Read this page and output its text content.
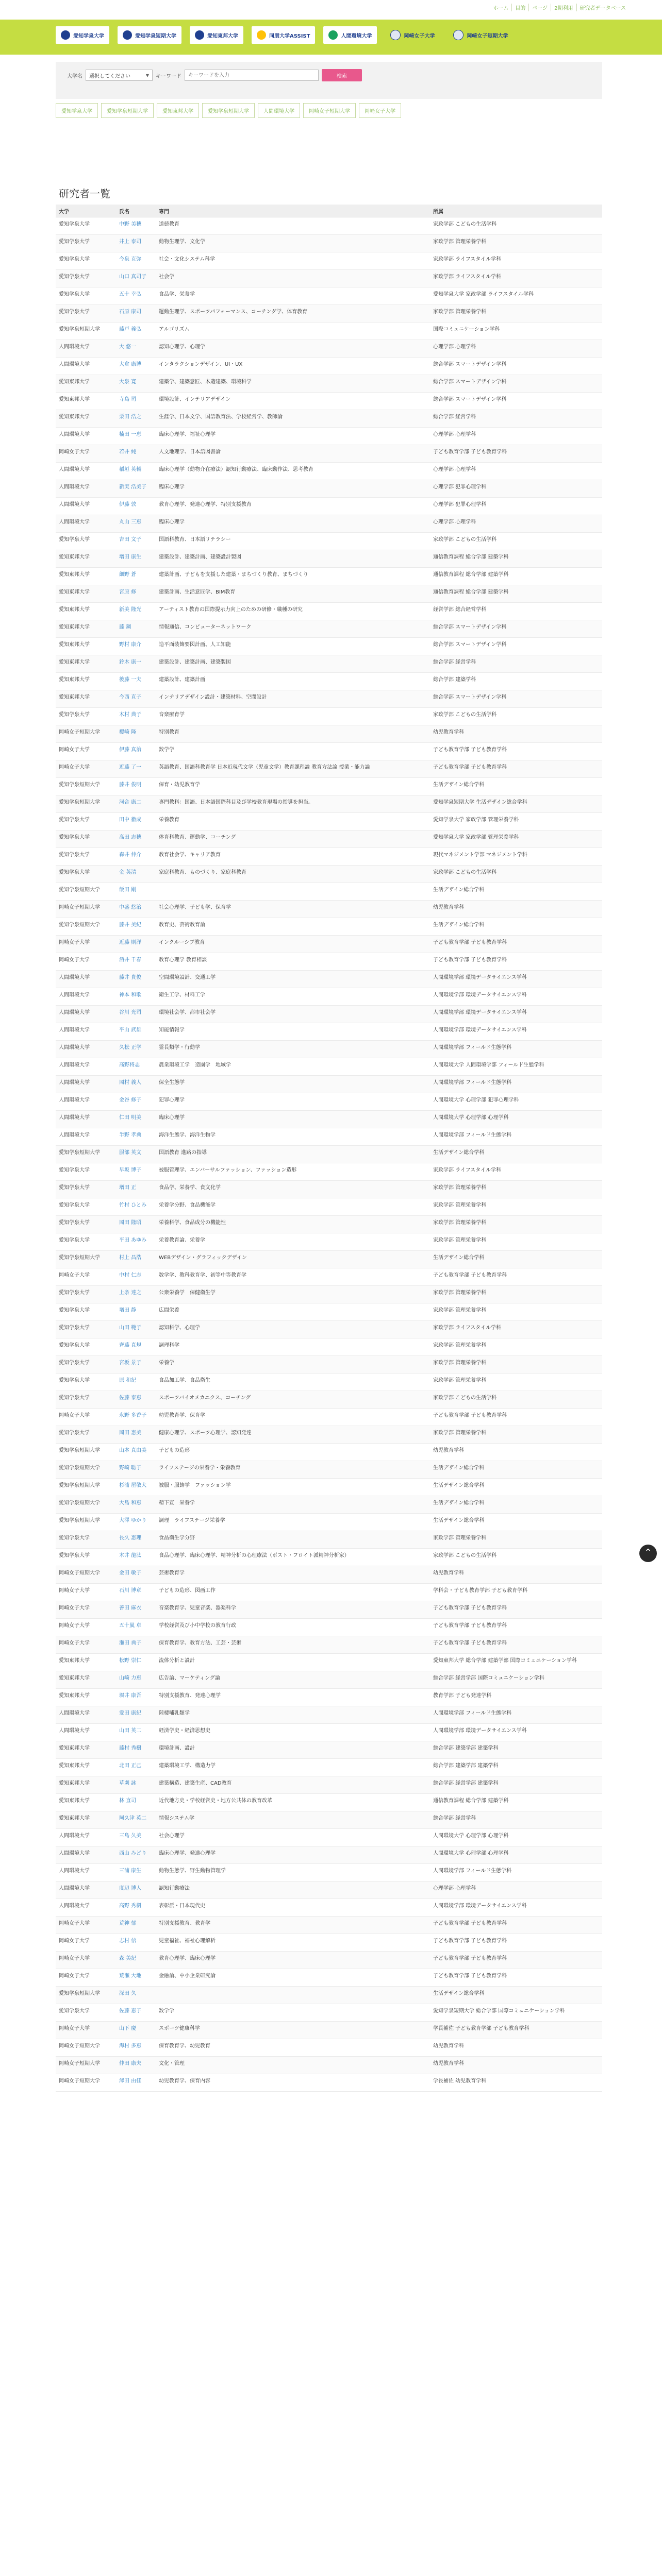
ホーム	目的	ページ	2期利用	研究者データベース
愛知学泉大学	愛知学泉短期大学	愛知東邦大学	同朋大学ASSIST	人間環境大学	岡崎女子大学	岡崎女子短期大学
大学名 選択してください	▼ キーワード
キーワードを入力	検索
愛知学泉大学	愛知学泉短期大学	愛知東邦大学	愛知学泉短期大学	人間環境大学	岡崎女子短期大学	岡崎女子大学
研究者一覧
大学	氏名	専門	所属
愛知学泉大学	中野 美穂	道徳教育	家政学部 こどもの生活学科
愛知学泉大学	井上 泰司	動物生理学、文化学	家政学部 管理栄養学科
愛知学泉大学	今泉 克弥	社会・文化システム科学	家政学部 ライフスタイル学科
愛知学泉大学	山口 真司子	社会学	家政学部 ライフスタイル学科
愛知学泉大学	五十 幸弘	食品学、栄養学	愛知学泉大学 家政学部 ライフスタイル学科
愛知学泉大学	石原 康司	運動生理学、スポーツパフォーマンス、コーチング学、体育教育	家政学部 管理栄養学科
愛知学泉短期大学	藤戸 義弘	アルゴリズム	国際コミュニケーション学科
人間環境大学	大 悠一	認知心理学、心理学	心理学部 心理学科
人間環境大学	大倉 康博	インタラクションデザイン、UI・UX	総合学部 スマートデザイン学科
愛知東邦大学	大泉 寛	建築学、建築意匠、木造建築、環境科学	総合学部 スマートデザイン学科
愛知東邦大学	寺島 司	環境設計、インテリアデザイン	総合学部 スマートデザイン学科
愛知東邦大学	栗田 浩之	生涯学、日本文学、国語教育法、学校経営学、教師論	総合学部 経営学科
人間環境大学	楠田 一恵	臨床心理学、福祉心理学	心理学部 心理学科
岡崎女子大学	若井 純	人文地理学、日本語図書論	子ども教育学部 子ども教育学科
人間環境大学	稲垣 英輔	臨床心理学（動物介在療法）認知行動療法、臨床動作法、思考教育	心理学部 心理学科
人間環境大学	新実 浩美子	臨床心理学	心理学部 犯罪心理学科
人間環境大学	伊藤 敦	教育心理学、発達心理学、特別支援教育	心理学部 犯罪心理学科
人間環境大学	丸山 三恵	臨床心理学	心理学部 心理学科
愛知学泉大学	吉田 文子	国語科教育、日本語リテラシー	家政学部 こどもの生活学科
愛知東邦大学	増田 康生	建築設計、建築計画、建築設計製図	通信教育課程 総合学部 建築学科
愛知東邦大学	細野 蒼	建築計画、子どもを支援した建築・まちづくり教育、まちづくり	通信教育課程 総合学部 建築学科
愛知東邦大学	宮原 修	建築計画、生活意匠学、BIM教育	通信教育課程 総合学部 建築学科
愛知東邦大学	新美 隆光	アーティスト教育の国際提示力向上のための研修・職種の研究	経営学部 総合経営学科
愛知東邦大学	藤 鋼	情報通信、コンピューターネットワーク	総合学部 スマートデザイン学科
愛知東邦大学	野村 康介	造平面装飾要図計画、人工知能	総合学部 スマートデザイン学科
愛知東邦大学	鈴木 康一	建築設計、建築計画、建築製図	総合学部 経営学科
愛知東邦大学	後藤 一夫	建築設計、建築計画	総合学部 建築学科
愛知東邦大学	今西 直子	インテリアデザイン設計・建築材料、空間設計	総合学部 スマートデザイン学科
愛知学泉大学	木村 典子	音楽療育学	家政学部 こどもの生活学科
岡崎女子短期大学	櫻崎 隆	特別教育	幼児教育学科
岡崎女子大学	伊藤 真治	数学学	子ども教育学部 子ども教育学科
岡崎女子大学	近藤 了一	英語教育、国語科教育学 日本近現代文学（児童文学）教育課程論 教育方法論 授業・能力論	子ども教育学部 子ども教育学科
愛知学泉短期大学	藤井 俊明	保育・幼児教育学	生活デザイン総合学科
愛知学泉短期大学	河合 康二	専門教科：国語、日本語国際科目及び学校教育現場の指導を担当。	愛知学泉短期大学 生活デザイン総合学科
愛知学泉大学	田中 徹成	栄養教育	愛知学泉大学 家政学部 管理栄養学科
愛知学泉大学	高田 志穂	体育科教育、運動学、コーチング	愛知学泉大学 家政学部 管理栄養学科
愛知学泉大学	森井 伸介	教育社会学、キャリア教育	現代マネジメント学部 マネジメント学科
愛知学泉大学	金 英清	家庭科教育、ものづくり、家庭科教育	家政学部 こどもの生活学科
愛知学泉短期大学	飯田 剛		生活デザイン総合学科
岡崎女子短期大学	中盛 悠治	社会心理学、子ども学、保育学	幼児教育学科
愛知学泉短期大学	藤井 美紀	教育史、芸術教育論	生活デザイン総合学科
岡崎女子大学	近藤 則洋	インクルーシブ教育	子ども教育学部 子ども教育学科
岡崎女子大学	酒井 千春	教育心理学 教育相談	子ども教育学部 子ども教育学科
人間環境大学	藤井 貴俊	空間環境設計、交通工学	人間環境学部 環境データサイエンス学科
人間環境大学	神本 和歌	衛生工学、材料工学	人間環境学部 環境データサイエンス学科
人間環境大学	谷川 光司	環境社会学、都市社会学	人間環境学部 環境データサイエンス学科
人間環境大学	平山 武雄	知能情報学	人間環境学部 環境データサイエンス学科
人間環境大学	久松 正学	霊長類学・行動学	人間環境学部 フィールド生態学科
人間環境大学	髙野将志	農業環境工学　造園学　地域学	人間環境大学 人間環境学部 フィールド生態学科
人間環境大学	岡村 義人	保全生態学	人間環境学部 フィールド生態学科
人間環境大学	金谷 修子	犯罪心理学	人間環境大学 心理学部 犯罪心理学科
人間環境大学	仁田 明美	臨床心理学	人間環境大学 心理学部 心理学科
人間環境大学	半野 孝典	海洋生態学、海洋生物学	人間環境学部 フィールド生態学科
愛知学泉短期大学	服部 英文	国語教育 進路の指導	生活デザイン総合学科
愛知学泉大学	早坂 博子	被服管理学、エンバーサルファッション、ファッション造形	家政学部 ライフスタイル学科
愛知学泉大学	増田 正	食品学、栄養学、食文化学	家政学部 管理栄養学科
愛知学泉大学	竹村 ひとみ	栄養学分野、食品機能学	家政学部 管理栄養学科
愛知学泉大学	岡田 隆昭	栄養科学、食品成分の機能性	家政学部 管理栄養学科
愛知学泉大学	平田 あゆみ	栄養教育論、栄養学	家政学部 管理栄養学科
愛知学泉短期大学	村上 昌浩	WEBデザイン・グラフィックデザイン	生活デザイン総合学科
岡崎女子大学	中村 仁志	数学学、教科教育学、初等中等教育学	子ども教育学部 子ども教育学科
愛知学泉大学	上条 達之	公衆栄養学　保健衛生学	家政学部 管理栄養学科
愛知学泉大学	増田 静	広間栄養	家政学部 管理栄養学科
愛知学泉大学	山田 範子	認知科学、心理学	家政学部 ライフスタイル学科
愛知学泉大学	齊藤 真規	調理科学	家政学部 管理栄養学科
愛知学泉大学	宮坂 景子	栄養学	家政学部 管理栄養学科
愛知学泉大学	原 和紀	食品加工学、食品衛生	家政学部 管理栄養学科
愛知学泉大学	佐藤 泰恵	スポーツバイオメカニクス、コーチング	家政学部 こどもの生活学科
岡崎女子大学	永野 多香子	幼児教育学、保育学	子ども教育学部 子ども教育学科
愛知学泉大学	岡田 惠美	健康心理学、スポーツ心理学、認知発達	家政学部 管理栄養学科
愛知学泉短期大学	山本 真由美	子どもの造形	幼児教育学科
愛知学泉短期大学	野崎 聡子	ライフステージの栄養学・栄養教育	生活デザイン総合学科
愛知学泉短期大学	杉浦 屋敬大	被服・服飾学　ファッション学	生活デザイン総合学科
愛知学泉短期大学	大島 和恵	精下宣　栄養学	生活デザイン総合学科
愛知学泉短期大学	大澤 ゆかり	調理　ライフステージ栄養学	生活デザイン総合学科
愛知学泉大学	長久 惠理	食品衛生学分野	家政学部 管理栄養学科
愛知学泉大学	木井 龍汰	食品心理学、臨床心理学、精神分析の心理療法（ポスト・フロイト派精神分析家）	家政学部 こどもの生活学科
岡崎女子短期大学	金田 敏子	芸術教育学	幼児教育学科
岡崎女子大学	石川 博章	子どもの造形、図画工作	学科会・子ども教育学部 子ども教育学科
岡崎女子大学	善田 麻衣	音楽教育学、児童音楽、器楽科学	子ども教育学部 子ども教育学科
岡崎女子大学	五十嵐 卓	学校経営及び小中学校の教育行政	子ども教育学部 子ども教育学科
岡崎女子大学	瀬田 典子	保育教育学、教育方法、工芸・芸術	子ども教育学部 子ども教育学科
愛知東邦大学	松野 崇仁	流体分析と設計	愛知東邦大学 総合学部 建築学部 国際コミュニケーション学科
愛知東邦大学	山崎 力恵	広告論、マーケティング論	総合学部 経営学部 国際コミュニケーション学科
愛知東邦大学	堀井 康吾	特別支援教育、発達心理学	教育学部 子ども発達学科
人間環境大学	愛田 康紀	陸棲哺乳類学	人間環境学部 フィールド生態学科
人間環境大学	山田 英二	経済学史・経済思想史	人間環境学部 環境データサイエンス学科
愛知東邦大学	藤村 秀樹	環境計画、設計	総合学部 建築学部 建築学科
愛知東邦大学	北田 正己	建築環境工学、構造力学	総合学部 建築学部 建築学科
愛知東邦大学	草刈 詠	建築構造、建築生産、CAD教育	総合学部 経営学部 建築学科
愛知東邦大学	林 直司	近代地方史・学校経営史・地方公共体の教育改革	通信教育課程 総合学部 建築学科
愛知東邦大学	阿久津 英二	情報システム学	総合学部 経営学科
人間環境大学	三島 久美	社会心理学	人間環境大学 心理学部 心理学科
人間環境大学	西山 みどり	臨床心理学、発達心理学	人間環境大学 心理学部 心理学科
人間環境大学	三浦 康生	動物生態学、野生動物管理学	人間環境学部 フィールド生態学科
人間環境大学	度辺 博人	認知行動療法	心理学部 心理学科
人間環境大学	高野 秀樹	表彰派・日本現代史	人間環境学部 環境データサイエンス学科
岡崎女子大学	荒神 郁	特別支援教育、教育学	子ども教育学部 子ども教育学科
岡崎女子大学	志村 信	児童福祉、福祉心理解析	子ども教育学部 子ども教育学科
岡崎女子大学	森 美紀	教育心理学、臨床心理学	子ども教育学部 子ども教育学科
岡崎女子大学	荒瀬 大地	金融論、中小企業研究論	子ども教育学部 子ども教育学科
愛知学泉短期大学	深田 久		生活デザイン総合学科
愛知学泉大学	佐藤 恵子	数学学	愛知学泉短期大学 総合学部 国際コミュニケーション学科
岡崎女子大学	山下 慶	スポーツ健康科学	学長補佐 子ども教育学部 子ども教育学科
岡崎女子短期大学	海村 多恵	保育教育学、幼児教育	幼児教育学科
岡崎女子短期大学	仲田 康夫	文化・管理	幼児教育学科
岡崎女子短期大学	澤田 由佳	幼児教育学、保育内容	学長補佐 幼児教育学科
⌃
